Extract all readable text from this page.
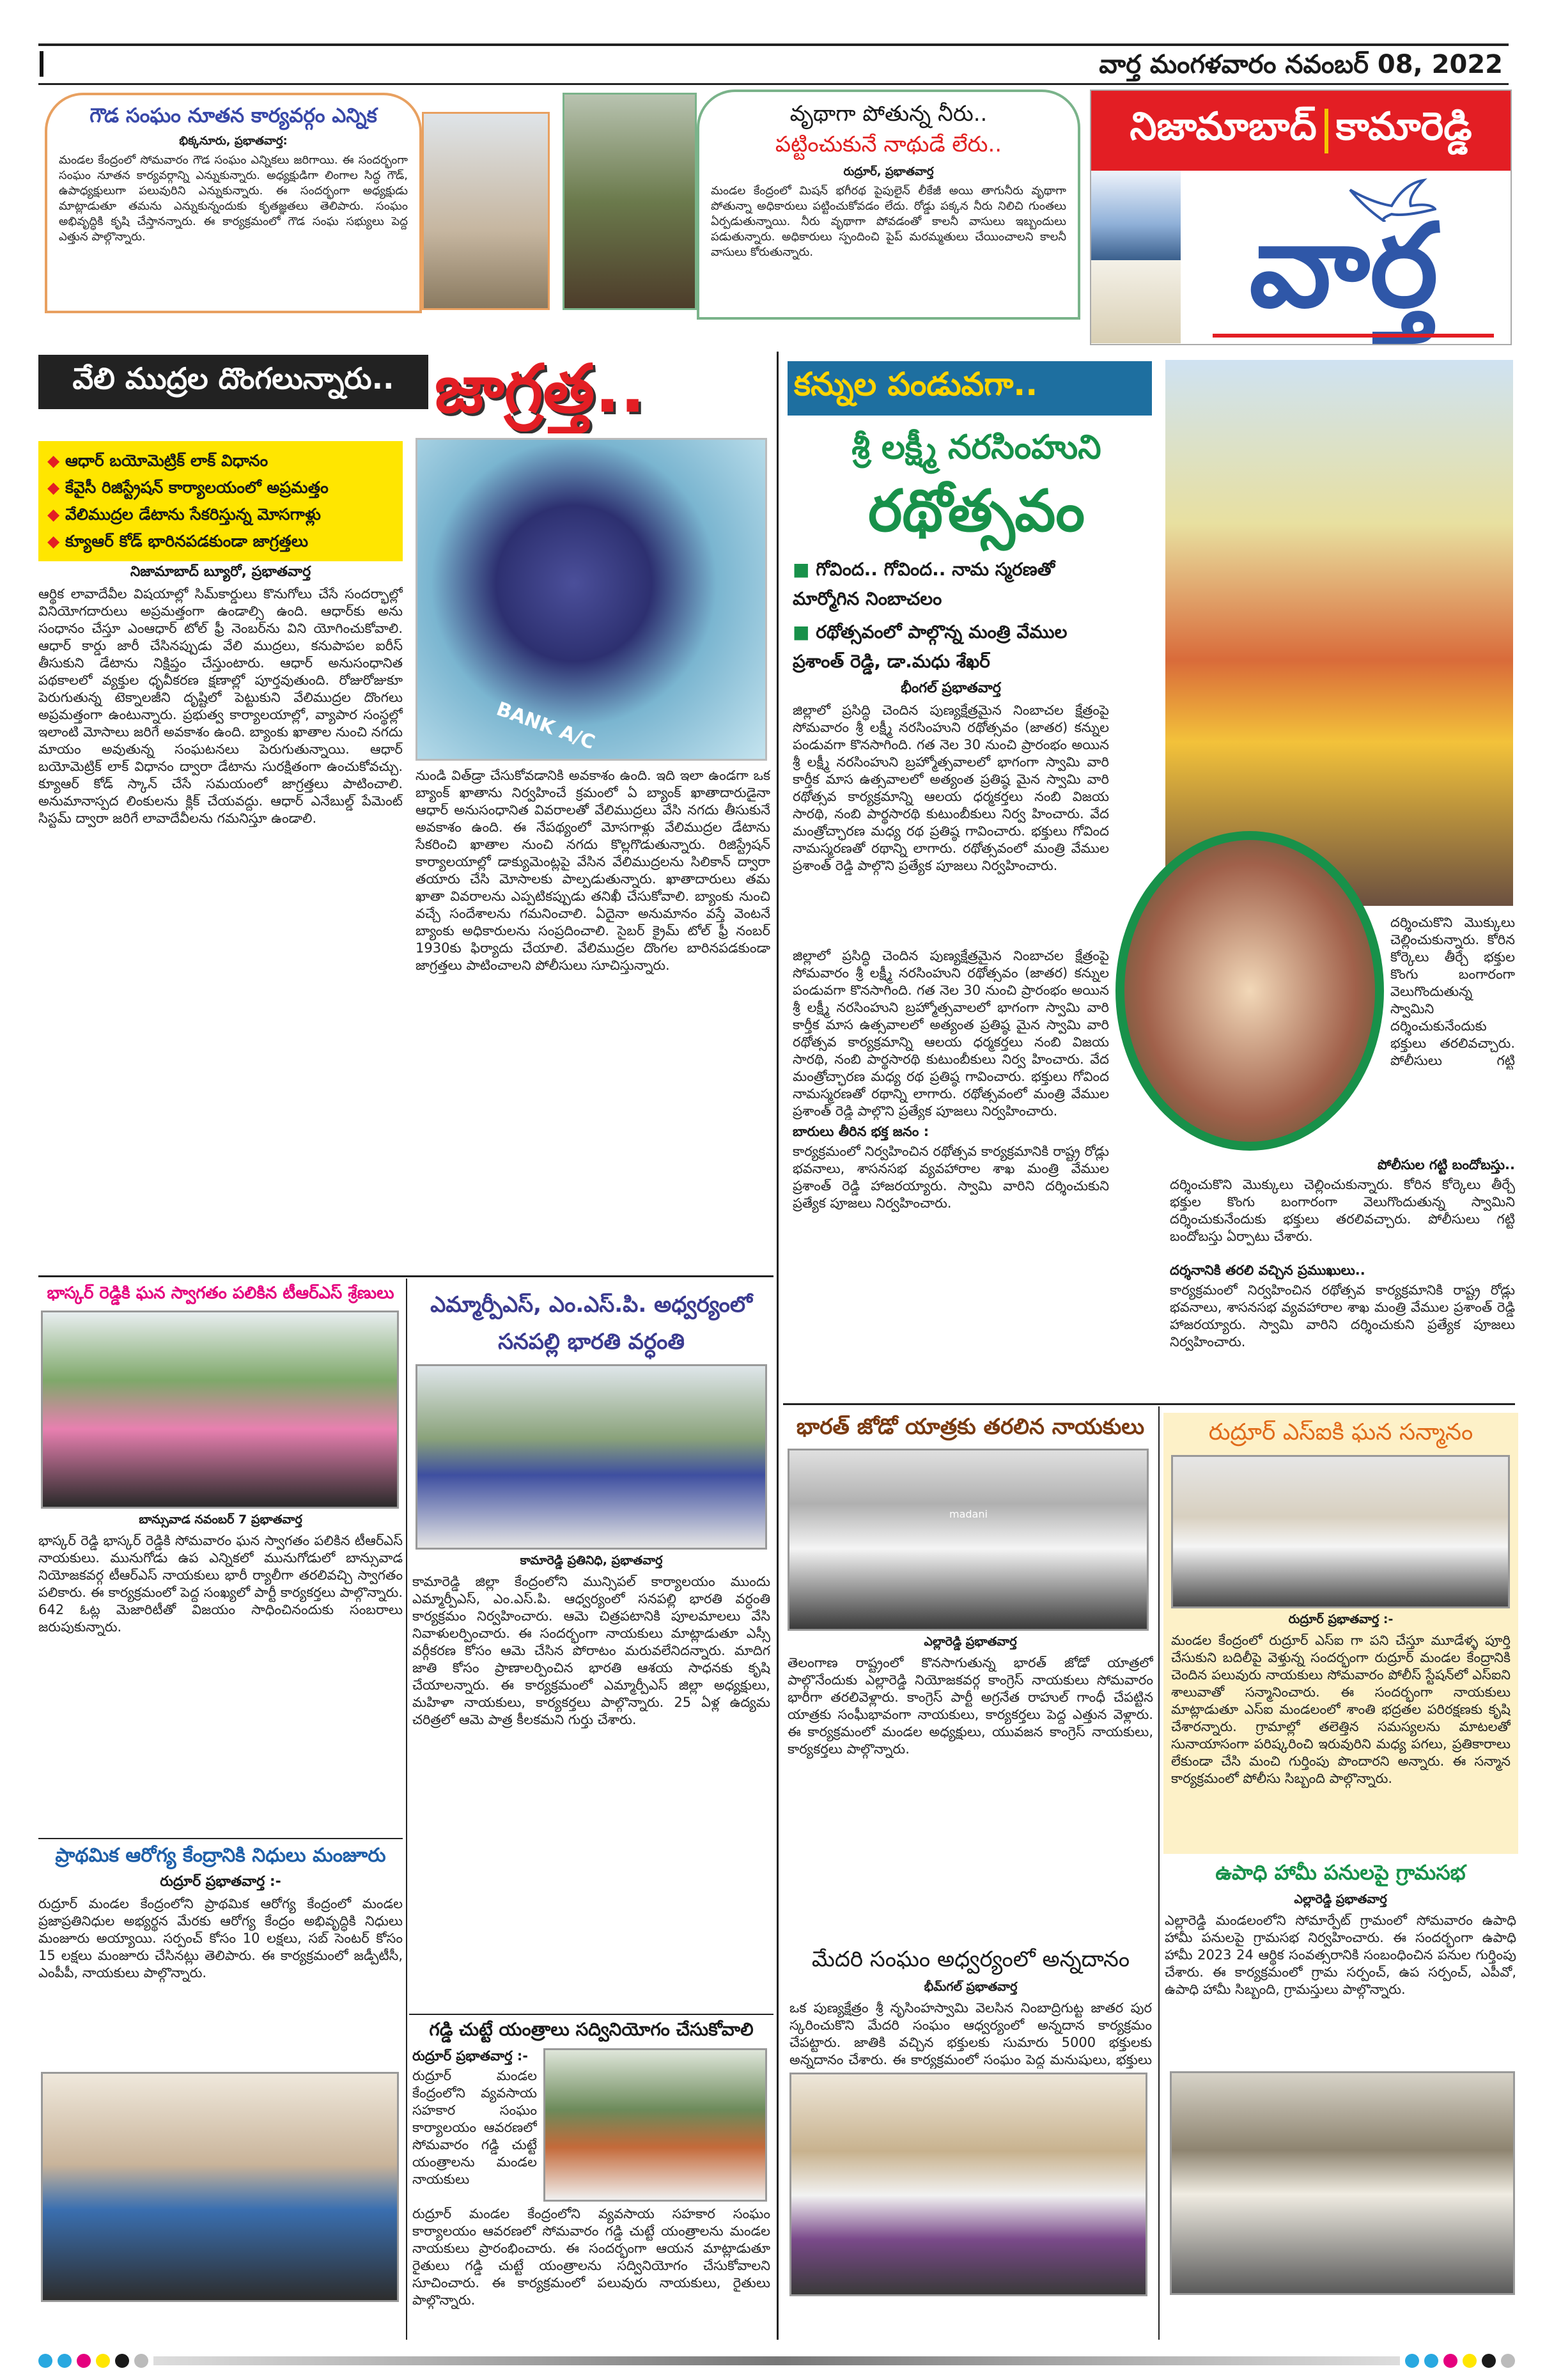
వార్త మంగళవారం నవంబర్ 08, 2022
గౌడ సంఘం నూతన కార్యవర్గం ఎన్నిక
భిక్కనూరు, ప్రభాతవార్త:
మండల కేంద్రంలో సోమవారం గౌడ సంఘం ఎన్నికలు జరిగాయి. ఈ సందర్భంగా సంఘం నూతన కార్యవర్గాన్ని ఎన్నుకున్నారు. అధ్యక్షుడిగా లింగాల సిద్ధ గౌడ్, ఉపాధ్యక్షులుగా పలువురిని ఎన్నుకున్నారు. ఈ సందర్భంగా అధ్యక్షుడు మాట్లాడుతూ తమను ఎన్నుకున్నందుకు కృతజ్ఞతలు తెలిపారు. సంఘం అభివృద్ధికి కృషి చేస్తానన్నారు. ఈ కార్యక్రమంలో గౌడ సంఘ సభ్యులు పెద్ద ఎత్తున పాల్గొన్నారు.
వృథాగా పోతున్న నీరు..
పట్టించుకునే నాథుడే లేరు..
రుద్రూర్, ప్రభాతవార్త
మండల కేంద్రంలో మిషన్ భగీరథ పైపులైన్ లీకేజీ అయి తాగునీరు వృథాగా పోతున్నా అధికారులు పట్టించుకోవడం లేదు. రోడ్డు పక్కన నీరు నిలిచి గుంతలు ఏర్పడుతున్నాయి. నీరు వృథాగా పోవడంతో కాలనీ వాసులు ఇబ్బందులు పడుతున్నారు. అధికారులు స్పందించి పైప్ మరమ్మతులు చేయించాలని కాలనీ వాసులు కోరుతున్నారు.
నిజామాబాద్ కామారెడ్డి
వార్త
వేలి ముద్రల దొంగలున్నారు.. జాగ్రత్త..
◆ ఆధార్ బయోమెట్రిక్ లాక్ విధానం
◆ కేవైసీ రిజిస్ట్రేషన్ కార్యాలయంలో అప్రమత్తం
◆ వేలిముద్రల డేటాను సేకరిస్తున్న మోసగాళ్లు
◆ క్యూఆర్ కోడ్ భారినపడకుండా జాగ్రత్తలు
నిజామాబాద్ బ్యూరో, ప్రభాతవార్త
ఆర్థిక లావాదేవీల విషయాల్లో సిమ్‌కార్డులు కొనుగోలు చేసే సందర్భాల్లో వినియోగదారులు అప్రమత్తంగా ఉండాల్సి ఉంది. ఆధార్‌కు అను సంధానం చేస్తూ ఎంఆధార్ టోల్ ఫ్రీ నెంబర్‌ను విని యోగించుకోవాలి. ఆధార్ కార్డు జారీ చేసినప్పుడు వేలి ముద్రలు, కనుపాపల ఐరీస్ తీసుకుని డేటాను నిక్షిప్తం చేస్తుంటారు. ఆధార్ అనుసంధానిత పథకాలలో వ్యక్తుల ధృవీకరణ క్షణాల్లో పూర్తవుతుంది. రోజురోజుకూ పెరుగుతున్న టెక్నాలజీని దృష్టిలో పెట్టుకుని వేలిముద్రల దొంగలు అప్రమత్తంగా ఉంటున్నారు. ప్రభుత్వ కార్యాలయాల్లో, వ్యాపార సంస్థల్లో ఇలాంటి మోసాలు జరిగే అవకాశం ఉంది. బ్యాంకు ఖాతాల నుంచి నగదు మాయం అవుతున్న సంఘటనలు పెరుగుతున్నాయి. ఆధార్ బయోమెట్రిక్ లాక్ విధానం ద్వారా డేటాను సురక్షితంగా ఉంచుకోవచ్చు. క్యూఆర్ కోడ్ స్కాన్ చేసే సమయంలో జాగ్రత్తలు పాటించాలి. అనుమానాస్పద లింకులను క్లిక్ చేయవద్దు. ఆధార్ ఎనేబుల్డ్ పేమెంట్ సిస్టమ్ ద్వారా జరిగే లావాదేవీలను గమనిస్తూ ఉండాలి.
BANK A/C
నుండి విత్‌డ్రా చేసుకోవడానికి అవకాశం ఉంది. ఇది ఇలా ఉండగా ఒక బ్యాంక్ ఖాతాను నిర్వహించే క్రమంలో ఏ బ్యాంక్ ఖాతాదారుడైనా ఆధార్ అనుసంధానిత వివరాలతో వేలిముద్రలు వేసి నగదు తీసుకునే అవకాశం ఉంది. ఈ నేపథ్యంలో మోసగాళ్లు వేలిముద్రల డేటాను సేకరించి ఖాతాల నుంచి నగదు కొల్లగొడుతున్నారు. రిజిస్ట్రేషన్ కార్యాలయాల్లో డాక్యుమెంట్లపై వేసిన వేలిముద్రలను సిలికాన్ ద్వారా తయారు చేసి మోసాలకు పాల్పడుతున్నారు. ఖాతాదారులు తమ ఖాతా వివరాలను ఎప్పటికప్పుడు తనిఖీ చేసుకోవాలి. బ్యాంకు నుంచి వచ్చే సందేశాలను గమనించాలి. ఏదైనా అనుమానం వస్తే వెంటనే బ్యాంకు అధికారులను సంప్రదించాలి. సైబర్ క్రైమ్ టోల్ ఫ్రీ నంబర్ 1930కు ఫిర్యాదు చేయాలి. వేలిముద్రల దొంగల బారినపడకుండా జాగ్రత్తలు పాటించాలని పోలీసులు సూచిస్తున్నారు.
కన్నుల పండువగా..
శ్రీ లక్ష్మీ నరసింహుని
రథోత్సవం
■ గోవింద.. గోవింద.. నామ స్మరణతో మార్మోగిన నింబాచలం
■ రథోత్సవంలో పాల్గొన్న మంత్రి వేముల ప్రశాంత్ రెడ్డి, డా.మధు శేఖర్
భీంగల్ ప్రభాతవార్త
జిల్లాలో ప్రసిద్ధి చెందిన పుణ్యక్షేత్రమైన నింబాచల క్షేత్రంపై సోమవారం శ్రీ లక్ష్మీ నరసింహుని రథోత్సవం (జాతర) కన్నుల పండువగా కొనసాగింది. గత నెల 30 నుంచి ప్రారంభం అయిన శ్రీ లక్ష్మీ నరసింహుని బ్రహ్మోత్సవాలలో భాగంగా స్వామి వారి కార్తీక మాస ఉత్సవాలలో అత్యంత ప్రతిష్ఠ మైన స్వామి వారి రథోత్సవ కార్యక్రమాన్ని ఆలయ ధర్మకర్తలు నంబి విజయ సారథి, నంబి పార్థసారథి కుటుంబీకులు నిర్వ హించారు. వేద మంత్రోచ్ఛారణ మధ్య రథ ప్రతిష్ఠ గావించారు. భక్తులు గోవింద నామస్మరణతో రథాన్ని లాగారు. రథోత్సవంలో మంత్రి వేముల ప్రశాంత్ రెడ్డి పాల్గొని ప్రత్యేక పూజలు నిర్వహించారు.
జిల్లాలో ప్రసిద్ధి చెందిన పుణ్యక్షేత్రమైన నింబాచల క్షేత్రంపై సోమవారం శ్రీ లక్ష్మీ నరసింహుని రథోత్సవం (జాతర) కన్నుల పండువగా కొనసాగింది. గత నెల 30 నుంచి ప్రారంభం అయిన శ్రీ లక్ష్మీ నరసింహుని బ్రహ్మోత్సవాలలో భాగంగా స్వామి వారి కార్తీక మాస ఉత్సవాలలో అత్యంత ప్రతిష్ఠ మైన స్వామి వారి రథోత్సవ కార్యక్రమాన్ని ఆలయ ధర్మకర్తలు నంబి విజయ సారథి, నంబి పార్థసారథి కుటుంబీకులు నిర్వ హించారు. వేద మంత్రోచ్ఛారణ మధ్య రథ ప్రతిష్ఠ గావించారు. భక్తులు గోవింద నామస్మరణతో రథాన్ని లాగారు. రథోత్సవంలో మంత్రి వేముల ప్రశాంత్ రెడ్డి పాల్గొని ప్రత్యేక పూజలు నిర్వహించారు.
బారులు తీరిన భక్త జనం :
కార్యక్రమంలో నిర్వహించిన రథోత్సవ కార్యక్రమానికి రాష్ట్ర రోడ్లు భవనాలు, శాసనసభ వ్యవహారాల శాఖ మంత్రి వేముల ప్రశాంత్ రెడ్డి హాజరయ్యారు. స్వామి వారిని దర్శించుకుని ప్రత్యేక పూజలు నిర్వహించారు.
దర్శించుకొని మొక్కులు చెల్లించుకున్నారు. కోరిన కోర్కెలు తీర్చే భక్తుల కొంగు బంగారంగా వెలుగొందుతున్న స్వామిని దర్శించుకునేందుకు భక్తులు తరలివచ్చారు. పోలీసులు గట్టి
పోలీసుల గట్టి బందోబస్తు..
దర్శించుకొని మొక్కులు చెల్లించుకున్నారు. కోరిన కోర్కెలు తీర్చే భక్తుల కొంగు బంగారంగా వెలుగొందుతున్న స్వామిని దర్శించుకునేందుకు భక్తులు తరలివచ్చారు. పోలీసులు గట్టి బందోబస్తు ఏర్పాటు చేశారు.
దర్శనానికి తరలి వచ్చిన ప్రముఖులు..
కార్యక్రమంలో నిర్వహించిన రథోత్సవ కార్యక్రమానికి రాష్ట్ర రోడ్లు భవనాలు, శాసనసభ వ్యవహారాల శాఖ మంత్రి వేముల ప్రశాంత్ రెడ్డి హాజరయ్యారు. స్వామి వారిని దర్శించుకుని ప్రత్యేక పూజలు నిర్వహించారు.
భాస్కర్ రెడ్డికి ఘన స్వాగతం పలికిన టీఆర్ఎస్ శ్రేణులు
బాన్సువాడ నవంబర్ 7 ప్రభాతవార్త
భాస్కర్ రెడ్డి భాస్కర్ రెడ్డికి సోమవారం ఘన స్వాగతం పలికిన టీఆర్ఎస్ నాయకులు. మునుగోడు ఉప ఎన్నికలో మునుగోడులో బాన్సువాడ నియోజకవర్గ టీఆర్ఎస్ నాయకులు భారీ ర్యాలీగా తరలివచ్చి స్వాగతం పలికారు. ఈ కార్యక్రమంలో పెద్ద సంఖ్యలో పార్టీ కార్యకర్తలు పాల్గొన్నారు. 642 ఓట్ల మెజారిటీతో విజయం సాధించినందుకు సంబరాలు జరుపుకున్నారు.
ప్రాథమిక ఆరోగ్య కేంద్రానికి నిధులు మంజూరు
రుద్రూర్ ప్రభాతవార్త :-
రుద్రూర్ మండల కేంద్రంలోని ప్రాథమిక ఆరోగ్య కేంద్రంలో మండల ప్రజాప్రతినిధుల అభ్యర్థన మేరకు ఆరోగ్య కేంద్రం అభివృద్ధికి నిధులు మంజూరు అయ్యాయి. సర్పంచ్ కోసం 10 లక్షలు, సబ్ సెంటర్ కోసం 15 లక్షలు మంజూరు చేసినట్లు తెలిపారు. ఈ కార్యక్రమంలో జడ్పీటీసీ, ఎంపీపీ, నాయకులు పాల్గొన్నారు.
ఎమ్మార్పీఎస్, ఎం.ఎస్.పి. అధ్వర్యంలో సనపల్లి భారతి వర్ధంతి
కామారెడ్డి ప్రతినిధి, ప్రభాతవార్త
కామారెడ్డి జిల్లా కేంద్రంలోని మున్సిపల్ కార్యాలయం ముందు ఎమ్మార్పీఎస్, ఎం.ఎస్.పి. ఆధ్వర్యంలో సనపల్లి భారతి వర్ధంతి కార్యక్రమం నిర్వహించారు. ఆమె చిత్రపటానికి పూలమాలలు వేసి నివాళులర్పించారు. ఈ సందర్భంగా నాయకులు మాట్లాడుతూ ఎస్సీ వర్గీకరణ కోసం ఆమె చేసిన పోరాటం మరువలేనిదన్నారు. మాదిగ జాతి కోసం ప్రాణాలర్పించిన భారతి ఆశయ సాధనకు కృషి చేయాలన్నారు. ఈ కార్యక్రమంలో ఎమ్మార్పీఎస్ జిల్లా అధ్యక్షులు, మహిళా నాయకులు, కార్యకర్తలు పాల్గొన్నారు. 25 ఏళ్ల ఉద్యమ చరిత్రలో ఆమె పాత్ర కీలకమని గుర్తు చేశారు.
గడ్డి చుట్టే యంత్రాలు సద్వినియోగం చేసుకోవాలి
రుద్రూర్ ప్రభాతవార్త :-
రుద్రూర్ మండల కేంద్రంలోని వ్యవసాయ సహకార సంఘం కార్యాలయం ఆవరణలో సోమవారం గడ్డి చుట్టే యంత్రాలను మండల నాయకులు
రుద్రూర్ మండల కేంద్రంలోని వ్యవసాయ సహకార సంఘం కార్యాలయం ఆవరణలో సోమవారం గడ్డి చుట్టే యంత్రాలను మండల నాయకులు ప్రారంభించారు. ఈ సందర్భంగా ఆయన మాట్లాడుతూ రైతులు గడ్డి చుట్టే యంత్రాలను సద్వినియోగం చేసుకోవాలని సూచించారు. ఈ కార్యక్రమంలో పలువురు నాయకులు, రైతులు పాల్గొన్నారు.
భారత్ జోడో యాత్రకు తరలిన నాయకులు
madani
ఎల్లారెడ్డి ప్రభాతవార్త
తెలంగాణ రాష్ట్రంలో కొనసాగుతున్న భారత్ జోడో యాత్రలో పాల్గొనేందుకు ఎల్లారెడ్డి నియోజకవర్గ కాంగ్రెస్ నాయకులు సోమవారం భారీగా తరలివెళ్లారు. కాంగ్రెస్ పార్టీ అగ్రనేత రాహుల్ గాంధీ చేపట్టిన యాత్రకు సంఘీభావంగా నాయకులు, కార్యకర్తలు పెద్ద ఎత్తున వెళ్లారు. ఈ కార్యక్రమంలో మండల అధ్యక్షులు, యువజన కాంగ్రెస్ నాయకులు, కార్యకర్తలు పాల్గొన్నారు.
మేదరి సంఘం అధ్వర్యంలో అన్నదానం
భీమ్‌గల్ ప్రభాతవార్త
ఒక పుణ్యక్షేత్రం శ్రీ నృసింహస్వామి వెలసిన నింబాద్రిగుట్ట జాతర పుర స్కరించుకొని మేదరి సంఘం ఆధ్వర్యంలో అన్నదాన కార్యక్రమం చేపట్టారు. జాతికి వచ్చిన భక్తులకు సుమారు 5000 భక్తులకు అన్నదానం చేశారు. ఈ కార్యక్రమంలో సంఘం పెద్ద మనుషులు, భక్తులు
రుద్రూర్ ఎస్ఐకి ఘన సన్మానం
రుద్రూర్ ప్రభాతవార్త :-
మండల కేంద్రంలో రుద్రూర్ ఎస్ఐ గా పని చేస్తూ మూడేళ్ళ పూర్తి చేసుకుని బదిలీపై వెళ్తున్న సందర్భంగా రుద్రూర్ మండల కేంద్రానికి చెందిన పలువురు నాయకులు సోమవారం పోలీస్ స్టేషన్‌లో ఎస్ఐని శాలువాతో సన్మానించారు. ఈ సందర్భంగా నాయకులు మాట్లాడుతూ ఎస్ఐ మండలంలో శాంతి భద్రతల పరిరక్షణకు కృషి చేశారన్నారు. గ్రామాల్లో తలెత్తిన సమస్యలను మాటలతో సునాయాసంగా పరిష్కరించి ఇరువురిని మధ్య పగలు, ప్రతికారాలు లేకుండా చేసి మంచి గుర్తింపు పొందారని అన్నారు. ఈ సన్మాన కార్యక్రమంలో పోలీసు సిబ్బంది పాల్గొన్నారు.
ఉపాధి హామీ పనులపై గ్రామసభ
ఎల్లారెడ్డి ప్రభాతవార్త
ఎల్లారెడ్డి మండలంలోని సోమార్పేట్ గ్రామంలో సోమవారం ఉపాధి హామీ పనులపై గ్రామసభ నిర్వహించారు. ఈ సందర్భంగా ఉపాధి హామీ 2023 24 ఆర్థిక సంవత్సరానికి సంబంధించిన పనుల గుర్తింపు చేశారు. ఈ కార్యక్రమంలో గ్రామ సర్పంచ్, ఉప సర్పంచ్, ఎపీవో, ఉపాధి హామీ సిబ్బంది, గ్రామస్తులు పాల్గొన్నారు.
